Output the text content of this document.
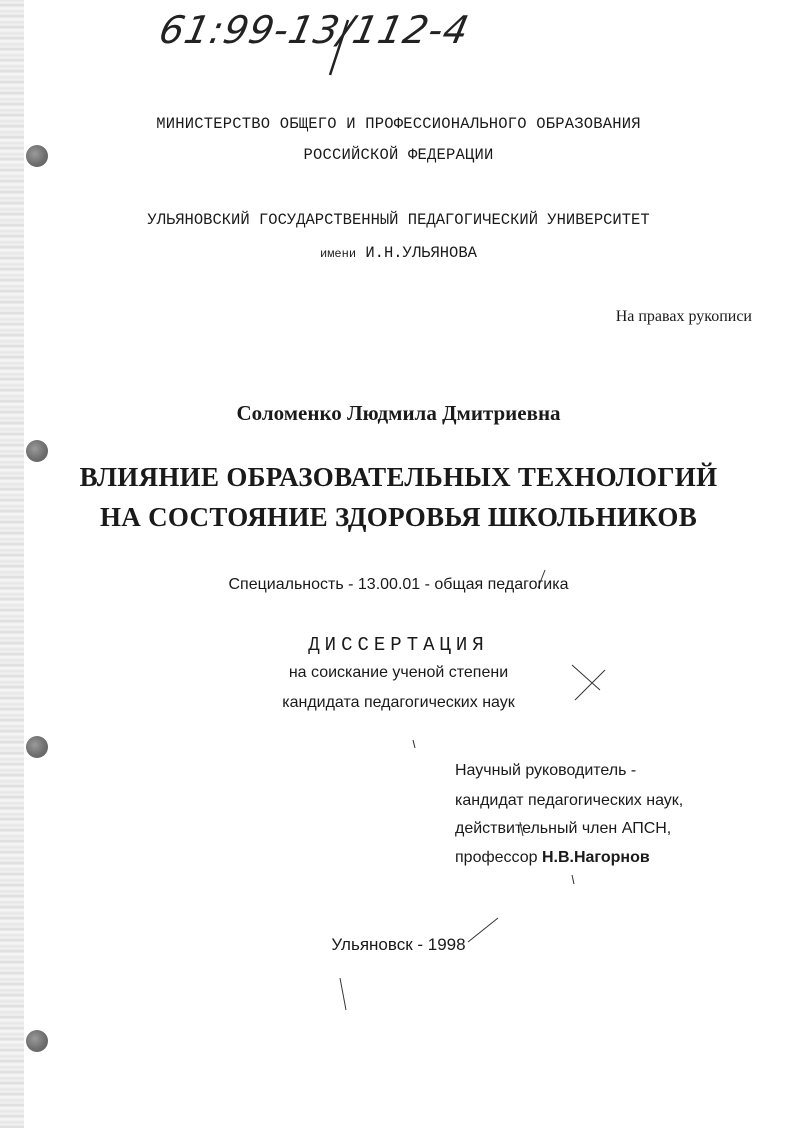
61:99-13/112-4
МИНИСТЕРСТВО ОБЩЕГО И ПРОФЕССИОНАЛЬНОГО ОБРАЗОВАНИЯ
РОССИЙСКОЙ ФЕДЕРАЦИИ
УЛЬЯНОВСКИЙ ГОСУДАРСТВЕННЫЙ ПЕДАГОГИЧЕСКИЙ УНИВЕРСИТЕТ
имени И.Н.УЛЬЯНОВА
На правах рукописи
Соломенко Людмила Дмитриевна
ВЛИЯНИЕ ОБРАЗОВАТЕЛЬНЫХ ТЕХНОЛОГИЙ
НА СОСТОЯНИЕ ЗДОРОВЬЯ ШКОЛЬНИКОВ
Специальность - 13.00.01 - общая педагогика
ДИССЕРТАЦИЯ
на соискание ученой степени
кандидата педагогических наук
Научный руководитель -
кандидат педагогических наук,
действительный член АПСН,
профессор Н.В.Нагорнов
Ульяновск - 1998
